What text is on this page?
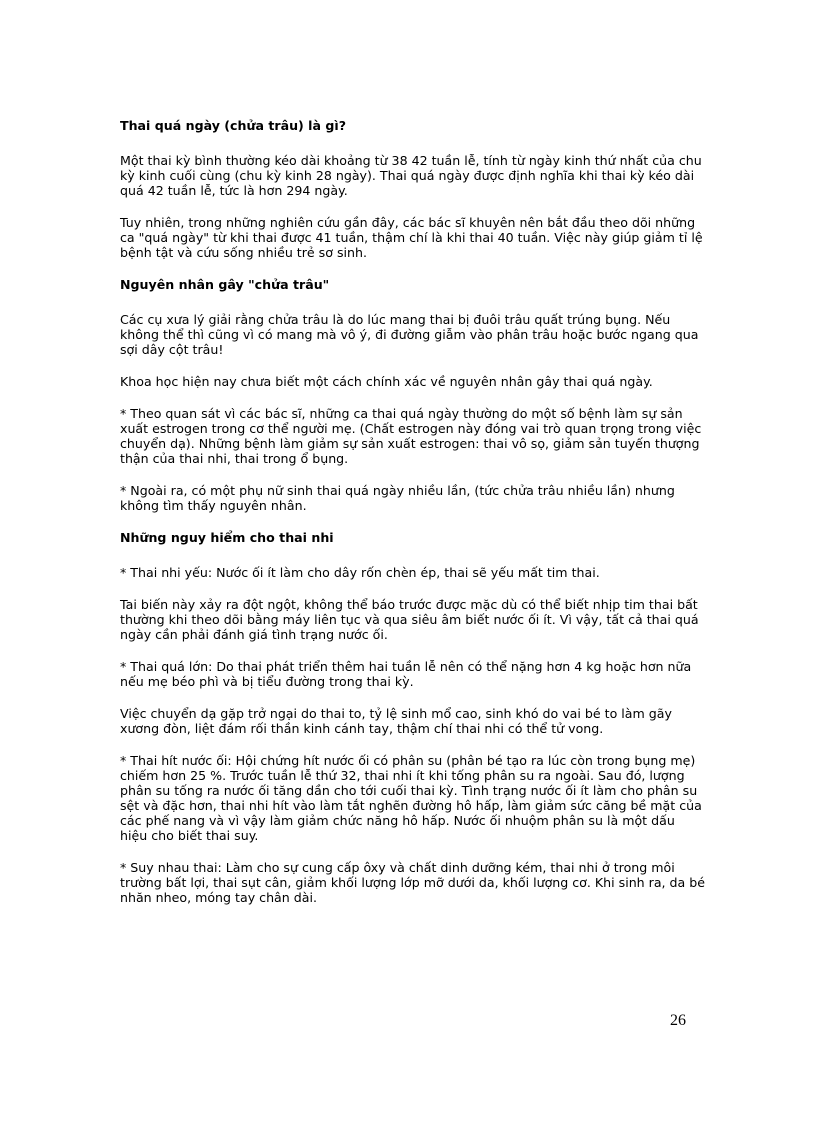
Thai quá ngày (chửa trâu) là gì?

Một thai kỳ bình thường kéo dài khoảng từ 38 42 tuần lễ, tính từ ngày kinh thứ nhất của chu kỳ kinh cuối cùng (chu kỳ kinh 28 ngày). Thai quá ngày được định nghĩa khi thai kỳ kéo dài quá 42 tuần lễ, tức là hơn 294 ngày.

Tuy nhiên, trong những nghiên cứu gần đây, các bác sĩ khuyên nên bắt đầu theo dõi những ca "quá ngày" từ khi thai được 41 tuần, thậm chí là khi thai 40 tuần. Việc này giúp giảm tỉ lệ bệnh tật và cứu sống nhiều trẻ sơ sinh.

Nguyên nhân gây "chửa trâu"

Các cụ xưa lý giải rằng chửa trâu là do lúc mang thai bị đuôi trâu quất trúng bụng. Nếu không thể thì cũng vì có mang mà vô ý, đi đường giẫm vào phân trâu hoặc bước ngang qua sợi dây cột trâu!

Khoa học hiện nay chưa biết một cách chính xác về nguyên nhân gây thai quá ngày.

* Theo quan sát vì các bác sĩ, những ca thai quá ngày thường do một số bệnh làm sự sản xuất estrogen trong cơ thể người mẹ. (Chất estrogen này đóng vai trò quan trọng trong việc chuyển dạ). Những bệnh làm giảm sự sản xuất estrogen: thai vô sọ, giảm sản tuyến thượng thận của thai nhi, thai trong ổ bụng.

* Ngoài ra, có một phụ nữ sinh thai quá ngày nhiều lần, (tức chửa trâu nhiều lần) nhưng không tìm thấy nguyên nhân.

Những nguy hiểm cho thai nhi

* Thai nhi yếu: Nước ối ít làm cho dây rốn chèn ép, thai sẽ yếu mất tim thai.

Tai biến này xảy ra đột ngột, không thể báo trước được mặc dù có thể biết nhịp tim thai bất thường khi theo dõi bằng máy liên tục và qua siêu âm biết nước ối ít. Vì vậy, tất cả thai quá ngày cần phải đánh giá tình trạng nước ối.

* Thai quá lớn: Do thai phát triển thêm hai tuần lễ nên có thể nặng hơn 4 kg hoặc hơn nữa nếu mẹ béo phì và bị tiểu đường trong thai kỳ.

Việc chuyển dạ gặp trở ngại do thai to, tỷ lệ sinh mổ cao, sinh khó do vai bé to làm gãy xương đòn, liệt đám rối thần kinh cánh tay, thậm chí thai nhi có thể tử vong.

* Thai hít nước ối: Hội chứng hít nước ối có phân su (phân bé tạo ra lúc còn trong bụng mẹ) chiếm hơn 25 %. Trước tuần lễ thứ 32, thai nhi ít khi tống phân su ra ngoài. Sau đó, lượng phân su tống ra nước ối tăng dần cho tới cuối thai kỳ. Tình trạng nước ối ít làm cho phân su sệt và đặc hơn, thai nhi hít vào làm tắt nghẽn đường hô hấp, làm giảm sức căng bề mặt của các phế nang và vì vậy làm giảm chức năng hô hấp. Nước ối nhuộm phân su là một dấu hiệu cho biết thai suy.

* Suy nhau thai: Làm cho sự cung cấp ôxy và chất dinh dưỡng kém, thai nhi ở trong môi trường bất lợi, thai sụt cân, giảm khối lượng lớp mỡ dưới da, khối lượng cơ. Khi sinh ra, da bé nhăn nheo, móng tay chân dài.

26
